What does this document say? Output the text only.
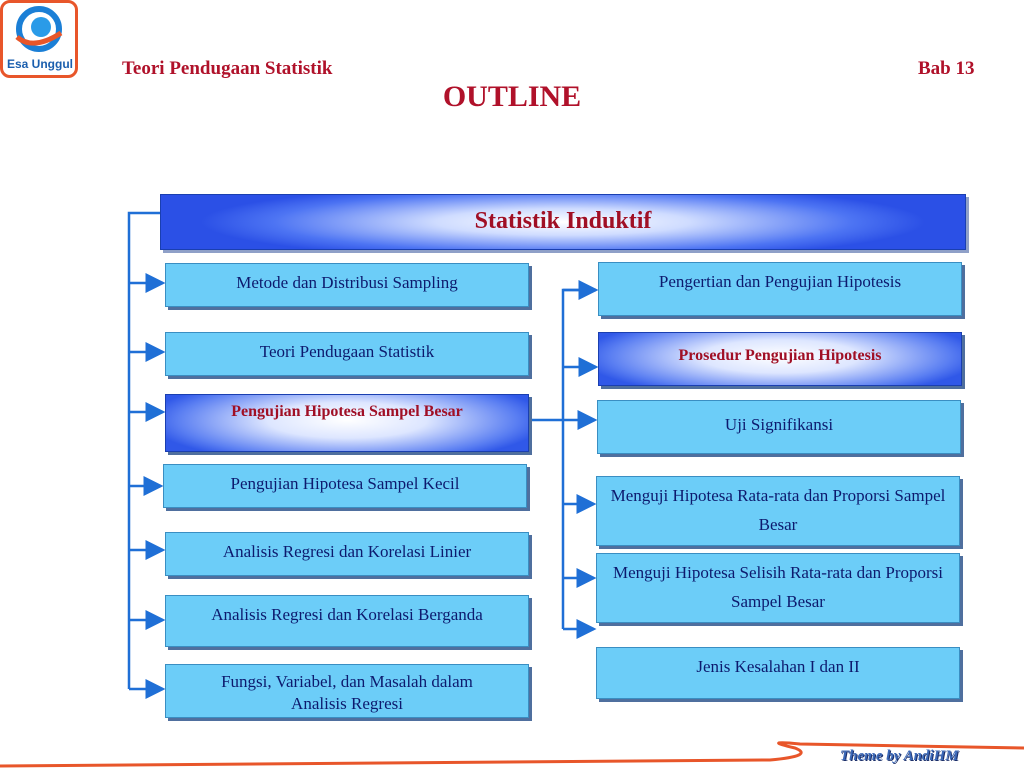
Esa Unggul	Teori Pendugaan Statistik	Bab 13
OUTLINE
Statistik Induktif
Metode dan Distribusi Sampling
Teori Pendugaan Statistik
Pengujian Hipotesa Sampel Besar
Pengujian Hipotesa Sampel Kecil
Analisis Regresi dan Korelasi Linier
Analisis Regresi dan Korelasi Berganda
Fungsi, Variabel, dan Masalah dalam Analisis Regresi
Pengertian dan Pengujian Hipotesis
Prosedur Pengujian Hipotesis
Uji Signifikansi
Menguji Hipotesa Rata-rata dan Proporsi Sampel Besar
Menguji Hipotesa Selisih Rata-rata dan Proporsi Sampel Besar
Jenis Kesalahan I dan II
Theme by AndiHM
